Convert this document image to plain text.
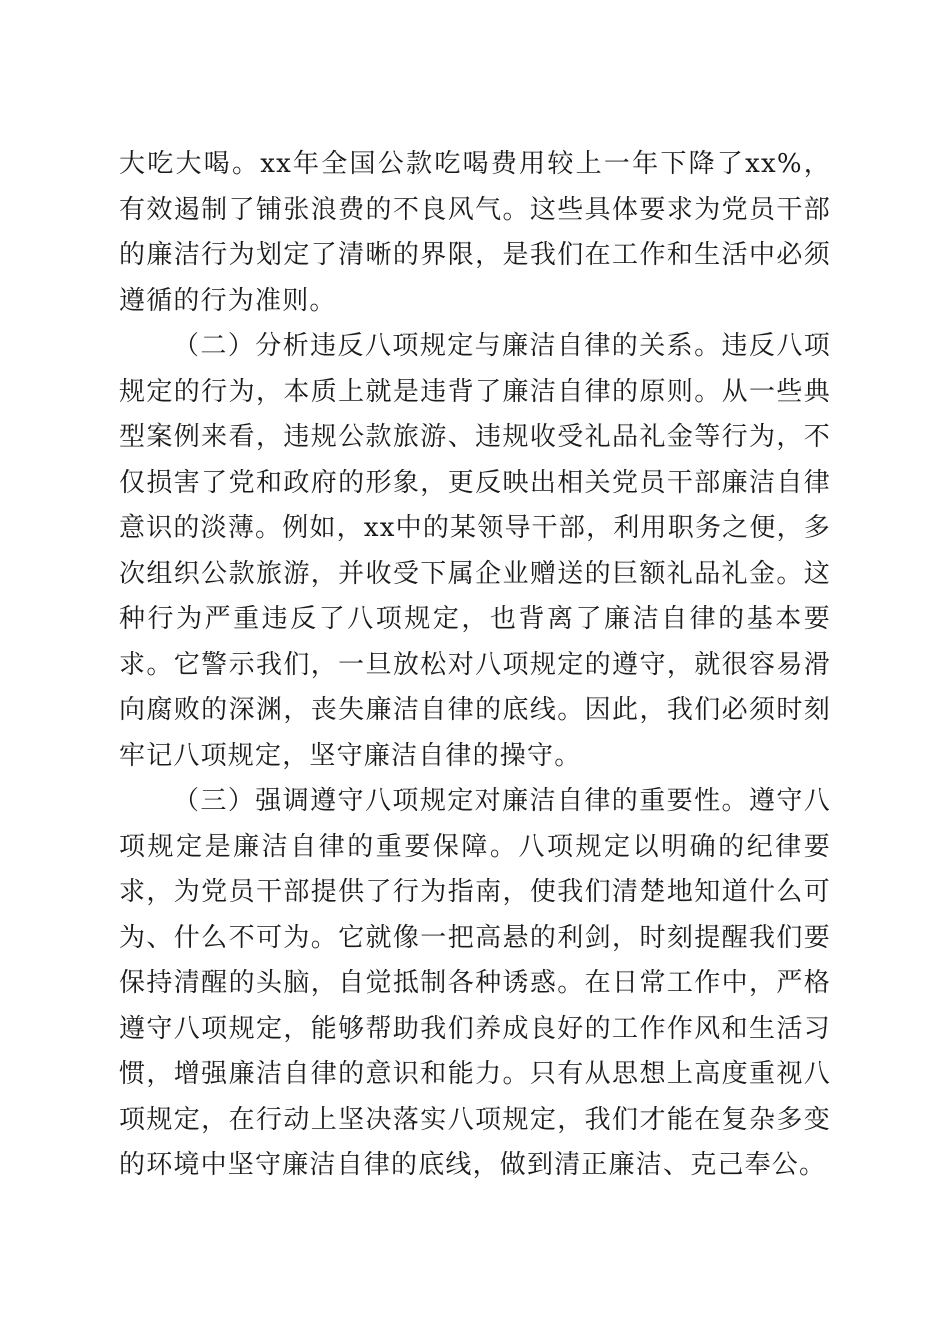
大吃大喝。xx年全国公款吃喝费用较上一年下降了xx%，有效遏制了铺张浪费的不良风气。这些具体要求为党员干部的廉洁行为划定了清晰的界限，是我们在工作和生活中必须遵循的行为准则。

（二）分析违反八项规定与廉洁自律的关系。违反八项规定的行为，本质上就是违背了廉洁自律的原则。从一些典型案例来看，违规公款旅游、违规收受礼品礼金等行为，不仅损害了党和政府的形象，更反映出相关党员干部廉洁自律意识的淡薄。例如，xx中的某领导干部，利用职务之便，多次组织公款旅游，并收受下属企业赠送的巨额礼品礼金。这种行为严重违反了八项规定，也背离了廉洁自律的基本要求。它警示我们，一旦放松对八项规定的遵守，就很容易滑向腐败的深渊，丧失廉洁自律的底线。因此，我们必须时刻牢记八项规定，坚守廉洁自律的操守。

（三）强调遵守八项规定对廉洁自律的重要性。遵守八项规定是廉洁自律的重要保障。八项规定以明确的纪律要求，为党员干部提供了行为指南，使我们清楚地知道什么可为、什么不可为。它就像一把高悬的利剑，时刻提醒我们要保持清醒的头脑，自觉抵制各种诱惑。在日常工作中，严格遵守八项规定，能够帮助我们养成良好的工作作风和生活习惯，增强廉洁自律的意识和能力。只有从思想上高度重视八项规定，在行动上坚决落实八项规定，我们才能在复杂多变的环境中坚守廉洁自律的底线，做到清正廉洁、克己奉公。
